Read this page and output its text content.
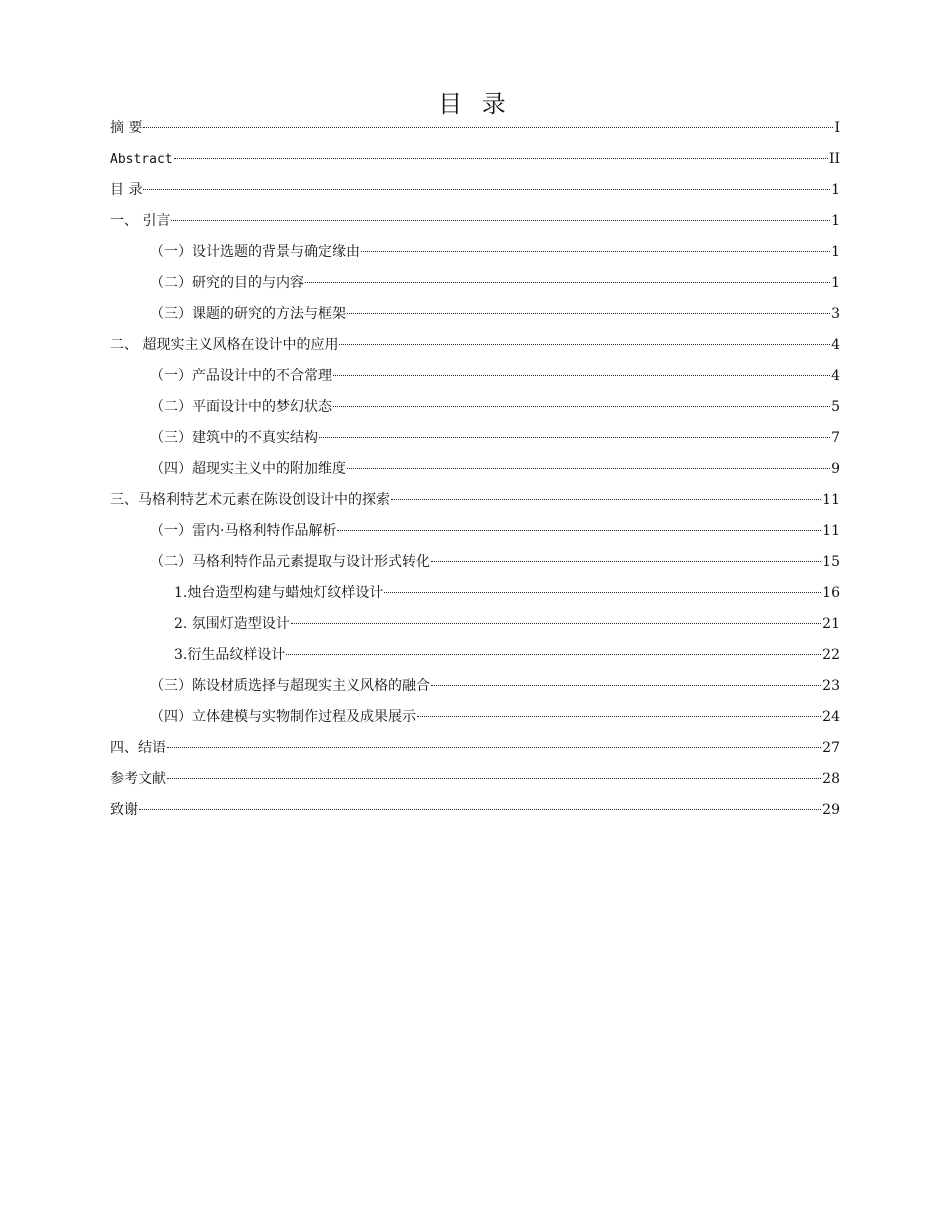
目 录
摘 要	I
Abstract	II
目 录	1
一、 引言	1
（一）设计选题的背景与确定缘由	1
（二）研究的目的与内容	1
（三）课题的研究的方法与框架	3
二、 超现实主义风格在设计中的应用	4
（一）产品设计中的不合常理	4
（二）平面设计中的梦幻状态	5
（三）建筑中的不真实结构	7
（四）超现实主义中的附加维度	9
三、马格利特艺术元素在陈设创设计中的探索	11
（一）雷内·马格利特作品解析	11
（二）马格利特作品元素提取与设计形式转化	15
1.烛台造型构建与蜡烛灯纹样设计	16
2. 氛围灯造型设计	21
3.衍生品纹样设计	22
（三）陈设材质选择与超现实主义风格的融合	23
（四）立体建模与实物制作过程及成果展示	24
四、结语	27
参考文献	28
致谢	29
